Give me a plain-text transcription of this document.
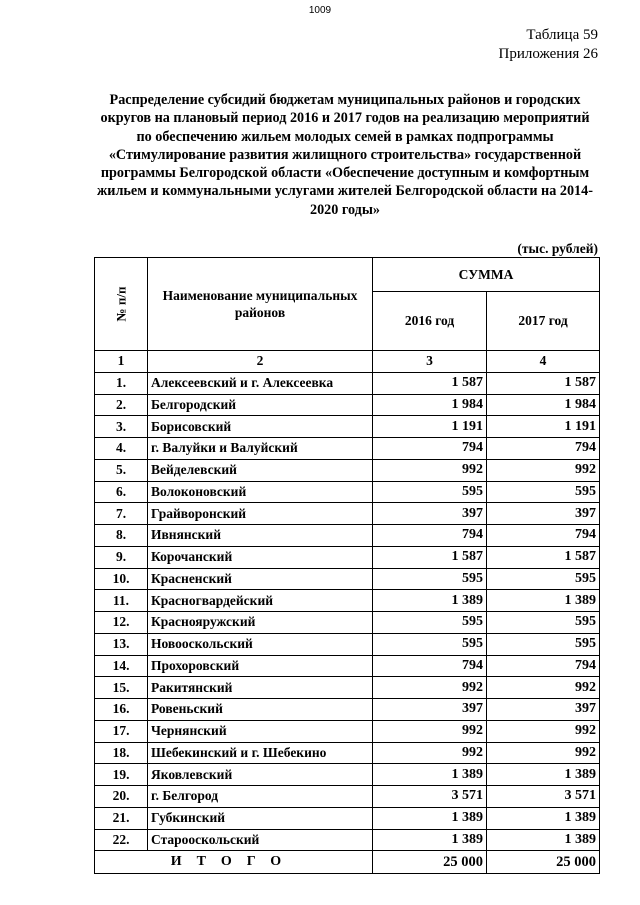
1009
Таблица 59
Приложения 26
Распределение субсидий бюджетам муниципальных районов и городских
округов на плановый период 2016 и 2017 годов на реализацию мероприятий
по обеспечению жильем молодых семей в рамках подпрограммы
«Стимулирование развития жилищного строительства» государственной
программы Белгородской области «Обеспечение доступным и комфортным
жильем и коммунальными услугами жителей Белгородской области на 2014-
2020 годы»
(тыс. рублей)
№ п/п	Наименование муниципальных районов	СУММА	
		2016 год	2017 год
1	2	3	4
1.	Алексеевский и г. Алексеевка	1 587	1 587
2.	Белгородский	1 984	1 984
3.	Борисовский	1 191	1 191
4.	г. Валуйки и Валуйский	794	794
5.	Вейделевский	992	992
6.	Волоконовский	595	595
7.	Грайворонский	397	397
8.	Ивнянский	794	794
9.	Корочанский	1 587	1 587
10.	Красненский	595	595
11.	Красногвардейский	1 389	1 389
12.	Краснояружский	595	595
13.	Новооскольский	595	595
14.	Прохоровский	794	794
15.	Ракитянский	992	992
16.	Ровеньский	397	397
17.	Чернянский	992	992
18.	Шебекинский и г. Шебекино	992	992
19.	Яковлевский	1 389	1 389
20.	г. Белгород	3 571	3 571
21.	Губкинский	1 389	1 389
22.	Старооскольский	1 389	1 389
ИТОГО		25 000	25 000
